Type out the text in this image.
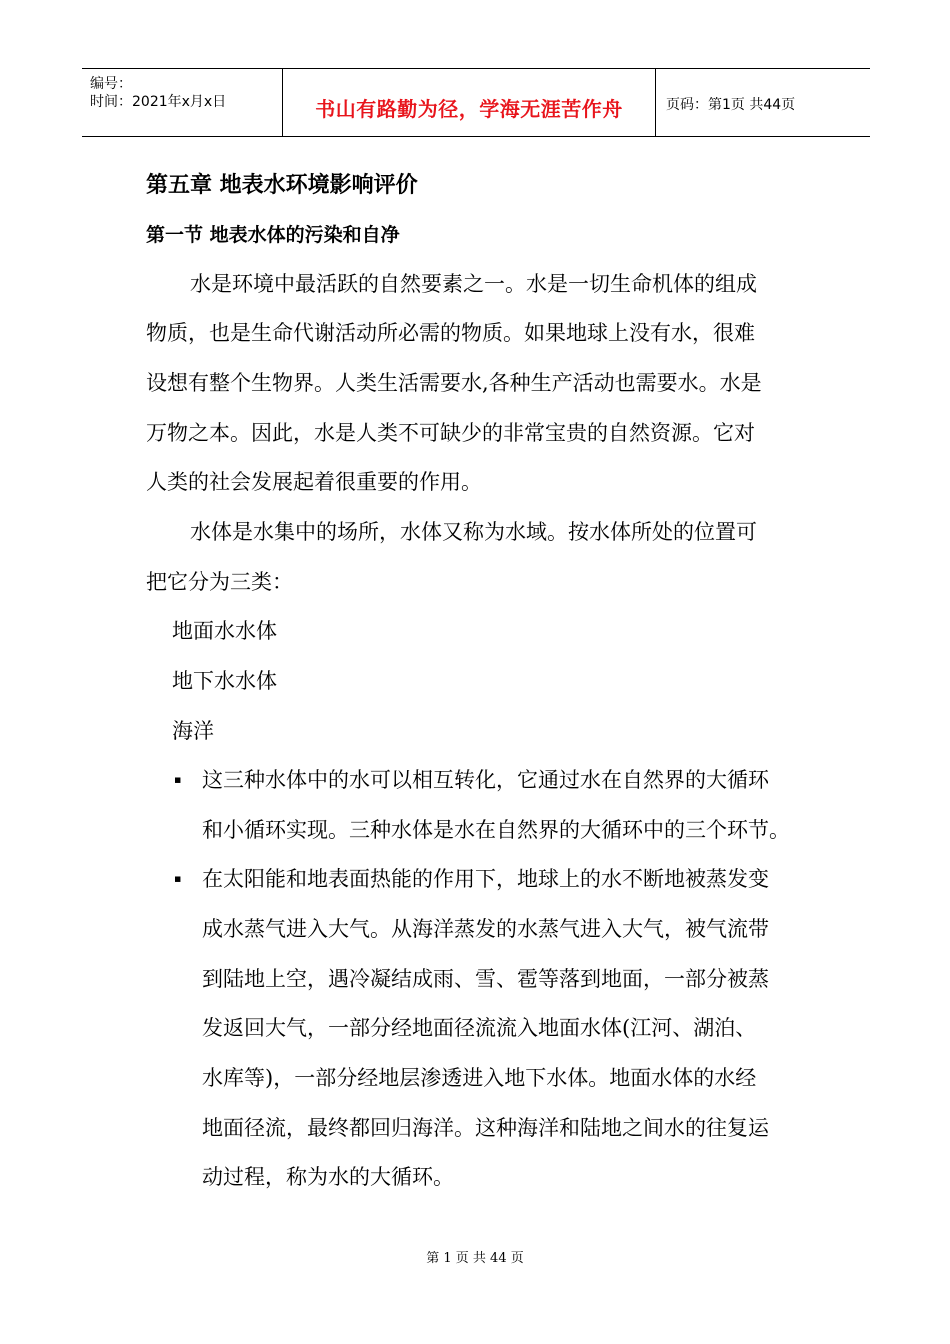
编号：
时间：2021年x月x日	书山有路勤为径，学海无涯苦作舟	页码：第1页 共44页
第五章 地表水环境影响评价
第一节 地表水体的污染和自净
水是环境中最活跃的自然要素之一。水是一切生命机体的组成
物质，也是生命代谢活动所必需的物质。如果地球上没有水，很难
设想有整个生物界。人类生活需要水,各种生产活动也需要水。水是
万物之本。因此，水是人类不可缺少的非常宝贵的自然资源。它对
人类的社会发展起着很重要的作用。
水体是水集中的场所，水体又称为水域。按水体所处的位置可
把它分为三类：
地面水水体
地下水水体
海洋
▪ 这三种水体中的水可以相互转化，它通过水在自然界的大循环
和小循环实现。三种水体是水在自然界的大循环中的三个环节。
▪ 在太阳能和地表面热能的作用下，地球上的水不断地被蒸发变
成水蒸气进入大气。从海洋蒸发的水蒸气进入大气，被气流带
到陆地上空，遇冷凝结成雨、雪、雹等落到地面，一部分被蒸
发返回大气，一部分经地面径流流入地面水体(江河、湖泊、
水库等)，一部分经地层渗透进入地下水体。地面水体的水经
地面径流，最终都回归海洋。这种海洋和陆地之间水的往复运
动过程，称为水的大循环。
第 1 页 共 44 页
